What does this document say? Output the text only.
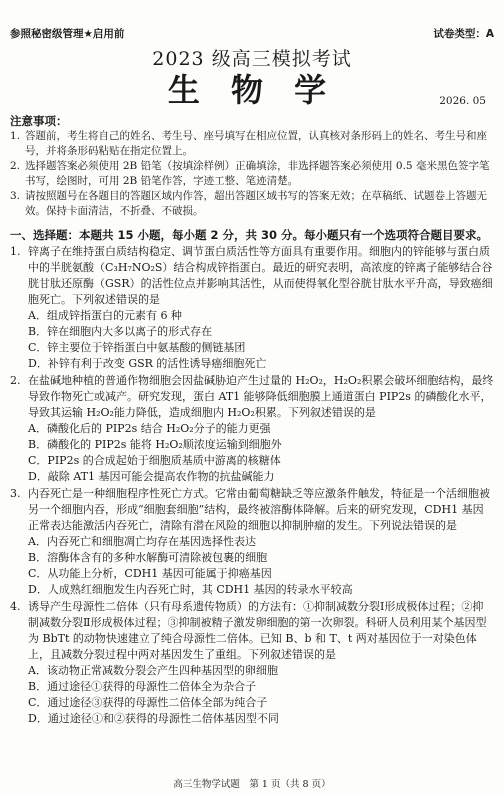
参照秘密级管理★启用前	试卷类型：A
2023 级高三模拟考试
生 物 学	2026. 05
注意事项：
1. 答题前，考生将自己的姓名、考生号、座号填写在相应位置，认真核对条形码上的姓名、考生号和座号，并将条形码粘贴在指定位置上。
2. 选择题答案必须使用 2B 铅笔（按填涂样例）正确填涂，非选择题答案必须使用 0.5 毫米黑色签字笔书写，绘图时，可用 2B 铅笔作答，字迹工整、笔迹清楚。
3. 请按照题号在各题目的答题区域内作答，超出答题区域书写的答案无效；在草稿纸、试题卷上答题无效。保持卡面清洁，不折叠、不破损。
一、选择题：本题共 15 小题，每小题 2 分，共 30 分。每小题只有一个选项符合题目要求。
1. 锌离子在维持蛋白质结构稳定、调节蛋白质活性等方面具有重要作用。细胞内的锌能够与蛋白质中的半胱氨酸（C₃H₇NO₂S）结合构成锌指蛋白。最近的研究表明，高浓度的锌离子能够结合谷胱甘肽还原酶（GSR）的活性位点并影响其活性，从而使得氧化型谷胱甘肽水平升高，导致癌细胞死亡。下列叙述错误的是
A．组成锌指蛋白的元素有 6 种
B．锌在细胞内大多以离子的形式存在
C．锌主要位于锌指蛋白中氨基酸的侧链基团
D．补锌有利于改变 GSR 的活性诱导癌细胞死亡
2. 在盐碱地种植的普通作物细胞会因盐碱胁迫产生过量的 H₂O₂，H₂O₂积累会破坏细胞结构，最终导致作物死亡或减产。研究发现，蛋白 AT1 能够降低细胞膜上通道蛋白 PIP2s 的磷酸化水平，导致其运输 H₂O₂能力降低，造成细胞内 H₂O₂积累。下列叙述错误的是
A．磷酸化后的 PIP2s 结合 H₂O₂分子的能力更强
B．磷酸化的 PIP2s 能将 H₂O₂顺浓度运输到细胞外
C．PIP2s 的合成起始于细胞质基质中游离的核糖体
D．敲除 AT1 基因可能会提高农作物的抗盐碱能力
3. 内吞死亡是一种细胞程序性死亡方式。它常由葡萄糖缺乏等应激条件触发，特征是一个活细胞被另一个细胞内吞，形成“细胞套细胞”结构，最终被溶酶体降解。后来的研究发现，CDH1 基因正常表达能激活内吞死亡，清除有潜在风险的细胞以抑制肿瘤的发生。下列说法错误的是
A．内吞死亡和细胞凋亡均存在基因选择性表达
B．溶酶体含有的多种水解酶可清除被包裹的细胞
C．从功能上分析，CDH1 基因可能属于抑癌基因
D．人成熟红细胞发生内吞死亡时，其 CDH1 基因的转录水平较高
4. 诱导产生母源性二倍体（只有母系遗传物质）的方法有：①抑制减数分裂Ⅰ形成极体过程；②抑制减数分裂Ⅱ形成极体过程；③抑制被精子激发卵细胞的第一次卵裂。科研人员利用某个基因型为 BbTt 的动物快速建立了纯合母源性二倍体。已知 B、b 和 T、t 两对基因位于一对染色体上，且减数分裂过程中两对基因发生了重组。下列叙述错误的是
A．该动物正常减数分裂会产生四种基因型的卵细胞
B．通过途径①获得的母源性二倍体全为杂合子
C．通过途径③获得的母源性二倍体全部为纯合子
D．通过途径①和②获得的母源性二倍体基因型不同
高三生物学试题　第 1 页（共 8 页）
